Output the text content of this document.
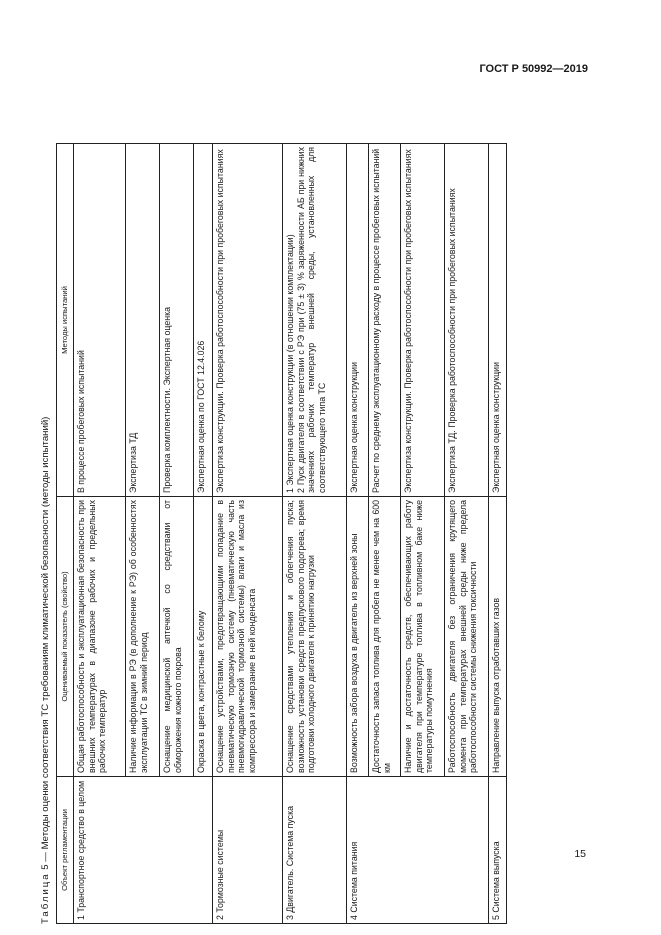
ГОСТ Р 50992—2019
Таблица 5 — Методы оценки соответствия ТС требованиям климатической безопасности (методы испытаний) Объект регламентации	Оцениваемый показатель (свойство)	Методы испытаний
1 Транспортное средство в целом	Общая работоспособность и эксплуатационная безопасность при внешних температурах в диапазоне рабочих и предельных рабочих температур	В процессе пробеговых испытаний
	Наличие информации в РЭ (в дополнение к РЭ) об особенностях эксплуатации ТС в зимний период	Экспертиза ТД
	Оснащение медицинской аптечкой со средствами от обморожения кожного покрова	Проверка комплектности. Экспертная оценка
	Окраска в цвета, контрастные к белому	Экспертная оценка по ГОСТ 12.4.026
2 Тормозные системы	Оснащение устройствами, предотвращающими попадание в пневматическую тормозную систему (пневматическую часть пневмогидравлической тормозной системы) влаги и масла из компрессора и замерзание в ней конденсата	Экспертиза конструкции. Проверка работоспособности при пробеговых испытаниях
3 Двигатель. Система пуска	Оснащение средствами утепления и облегчения пуска; возможность установки средств предпускового подогрева; время подготовки холодного двигателя к принятию нагрузки	1 Экспертная оценка конструкции (в отношении комплектации) 2 Пуск двигателя в соответствии с РЭ при (75 ± 3) % заряженности АБ при нижних значениях рабочих температур внешней среды, установленных для соответствующего типа ТС

4 Система питания	Возможность забора воздуха в двигатель из верхней зоны	Экспертная оценка конструкции
	Достаточность запаса топлива для пробега не менее чем на 600 км	Расчет по среднему эксплуатационному расходу в процессе пробеговых испытаний
	Наличие и достаточность средств, обеспечивающих работу двигателя при температуре топлива в топливном баке ниже температуры помутнения	Экспертиза конструкции. Проверка работоспособности при пробеговых испытаниях
	Работоспособность двигателя без ограничения крутящего момента при температурах внешней среды ниже предела работоспособности системы снижения токсичности	Экспертиза ТД. Проверка работоспособности при пробеговых испытаниях
5 Система выпуска	Направление выпуска отработавших газов	Экспертная оценка конструкции
15
